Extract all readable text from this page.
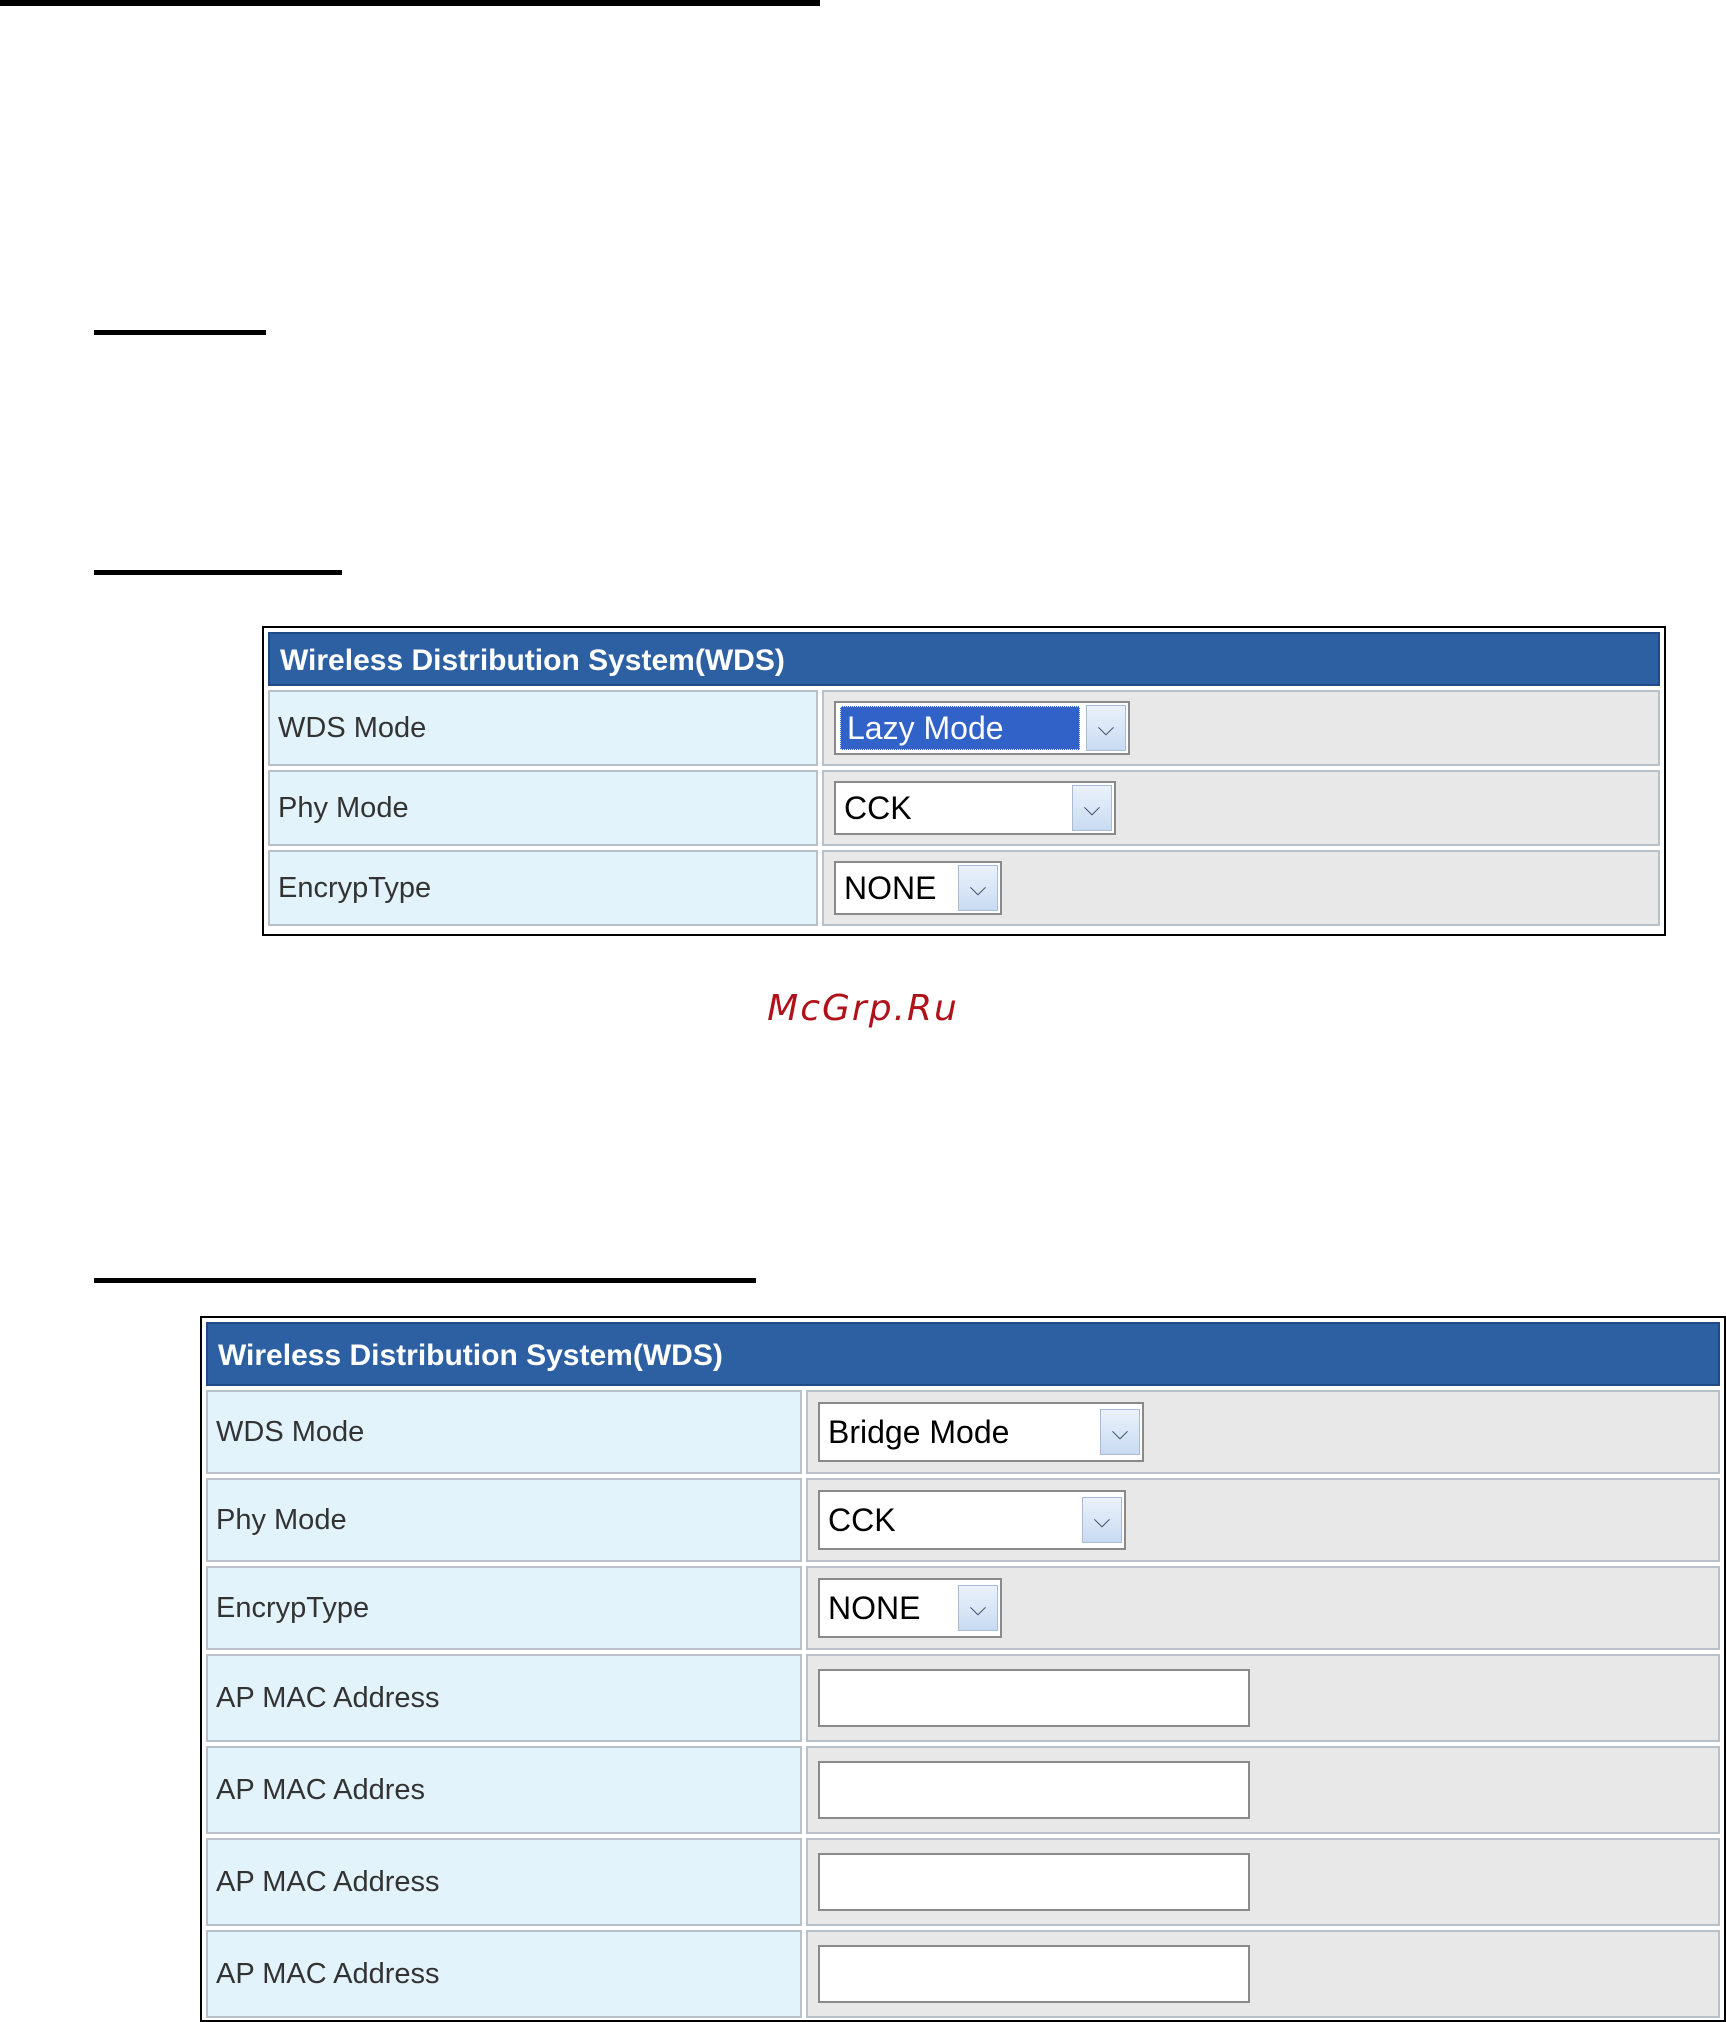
Wireless Distribution System(WDS)
WDS Mode	Lazy Mode	⌵
Phy Mode	CCK	⌵
EncrypType	NONE	⌵
McGrp.Ru
Wireless Distribution System(WDS)
WDS Mode	Bridge Mode	⌵
Phy Mode	CCK	⌵
EncrypType	NONE	⌵
AP MAC Address
AP MAC Addres
AP MAC Address
AP MAC Address
